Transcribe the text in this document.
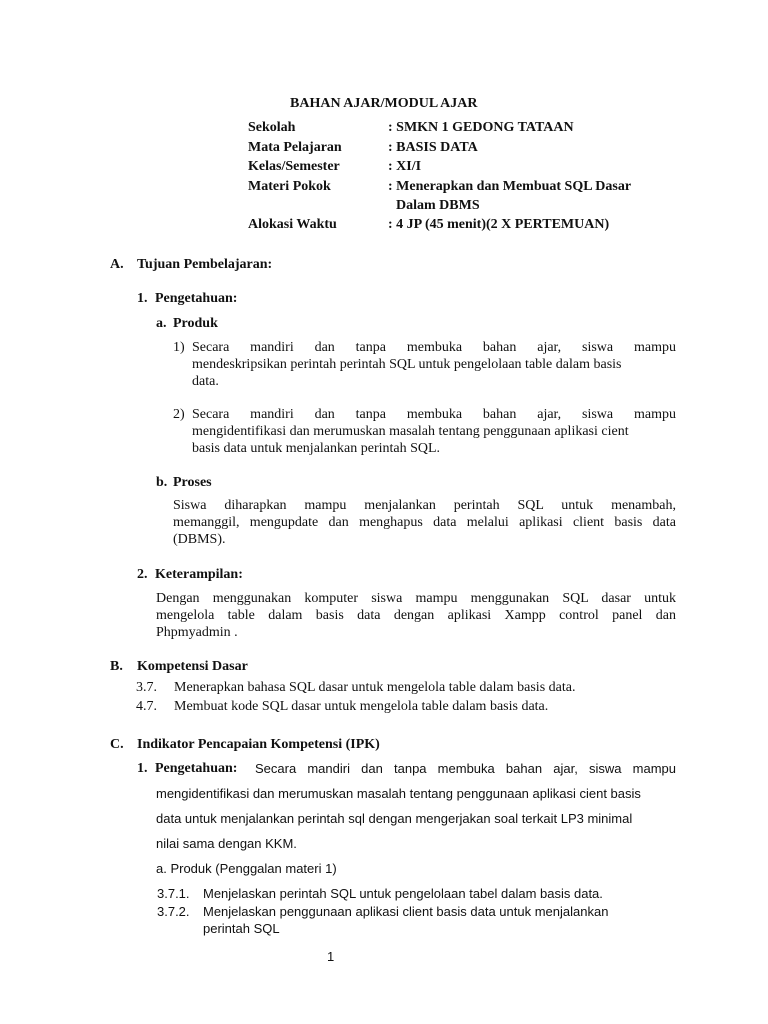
BAHAN AJAR/MODUL AJAR
Sekolah	: SMKN 1 GEDONG TATAAN
Mata Pelajaran	: BASIS DATA
Kelas/Semester	: XI/I
Materi Pokok	: Menerapkan dan Membuat SQL Dasar
Dalam DBMS
Alokasi Waktu	: 4 JP (45 menit)(2 X PERTEMUAN)
A. Tujuan Pembelajaran:
1. Pengetahuan:
a. Produk
1) Secara mandiri dan tanpa membuka bahan ajar, siswa mampu
mendeskripsikan perintah perintah SQL untuk pengelolaan table dalam basis
data.
2) Secara mandiri dan tanpa membuka bahan ajar, siswa mampu
mengidentifikasi dan merumuskan masalah tentang penggunaan aplikasi cient
basis data untuk menjalankan perintah SQL.
b. Proses
Siswa diharapkan mampu menjalankan perintah SQL untuk menambah,
memanggil, mengupdate dan menghapus data melalui aplikasi client basis data
(DBMS).
2. Keterampilan:
Dengan menggunakan komputer siswa mampu menggunakan SQL dasar untuk
mengelola table dalam basis data dengan aplikasi Xampp control panel dan
Phpmyadmin .
B. Kompetensi Dasar
3.7. Menerapkan bahasa SQL dasar untuk mengelola table dalam basis data.
4.7. Membuat kode SQL dasar untuk mengelola table dalam basis data.
C. Indikator Pencapaian Kompetensi (IPK)
1. Pengetahuan: Secara mandiri dan tanpa membuka bahan ajar, siswa mampu
mengidentifikasi dan merumuskan masalah tentang penggunaan aplikasi cient basis
data untuk menjalankan perintah sql dengan mengerjakan soal terkait LP3 minimal
nilai sama dengan KKM.
a. Produk (Penggalan materi 1)
3.7.1. Menjelaskan perintah SQL untuk pengelolaan tabel dalam basis data.
3.7.2. Menjelaskan penggunaan aplikasi client basis data untuk menjalankan
perintah SQL
1
